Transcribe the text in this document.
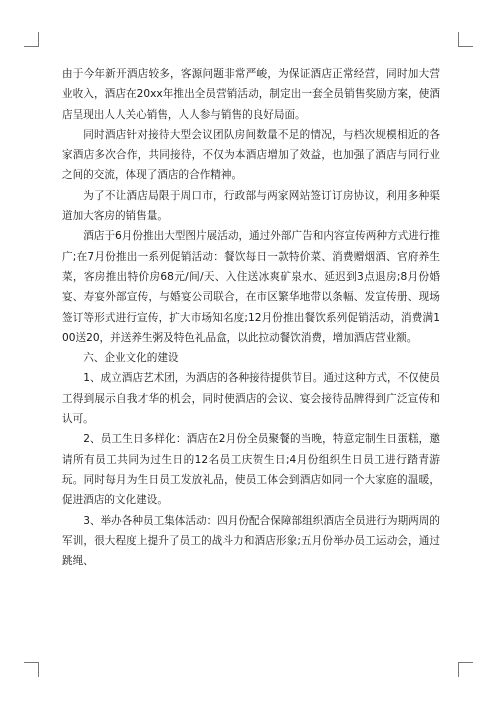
由于今年新开酒店较多，客源问题非常严峻，为保证酒店正常经营，同时加大营业收入，酒店在20xx年推出全员营销活动，制定出一套全员销售奖励方案，使酒店呈现出人人关心销售，人人参与销售的良好局面。

同时酒店针对接待大型会议团队房间数量不足的情况，与档次规模相近的各家酒店多次合作，共同接待，不仅为本酒店增加了效益，也加强了酒店与同行业之间的交流，体现了酒店的合作精神。

为了不让酒店局限于周口市，行政部与两家网站签订订房协议，利用多种渠道加大客房的销售量。

酒店于6月份推出大型图片展活动，通过外部广告和内容宣传两种方式进行推广;在7月份推出一系列促销活动：餐饮每日一款特价菜、消费赠烟酒、官府养生菜，客房推出特价房68元/间/天、入住送冰爽矿泉水、延迟到3点退房;8月份婚宴、寿宴外部宣传，与婚宴公司联合，在市区繁华地带以条幅、发宣传册、现场签订等形式进行宣传，扩大市场知名度;12月份推出餐饮系列促销活动，消费满100送20，并送养生粥及特色礼品盒，以此拉动餐饮消费，增加酒店营业额。

六、企业文化的建设

1、成立酒店艺术团，为酒店的各种接待提供节目。通过这种方式，不仅使员工得到展示自我才华的机会，同时使酒店的会议、宴会接待品牌得到广泛宣传和认可。

2、员工生日多样化：酒店在2月份全员聚餐的当晚，特意定制生日蛋糕，邀请所有员工共同为过生日的12名员工庆贺生日;4月份组织生日员工进行踏青游玩。同时每月为生日员工发放礼品，使员工体会到酒店如同一个大家庭的温暖，促进酒店的文化建设。

3、举办各种员工集体活动：四月份配合保障部组织酒店全员进行为期两周的军训，很大程度上提升了员工的战斗力和酒店形象;五月份举办员工运动会，通过跳绳、
